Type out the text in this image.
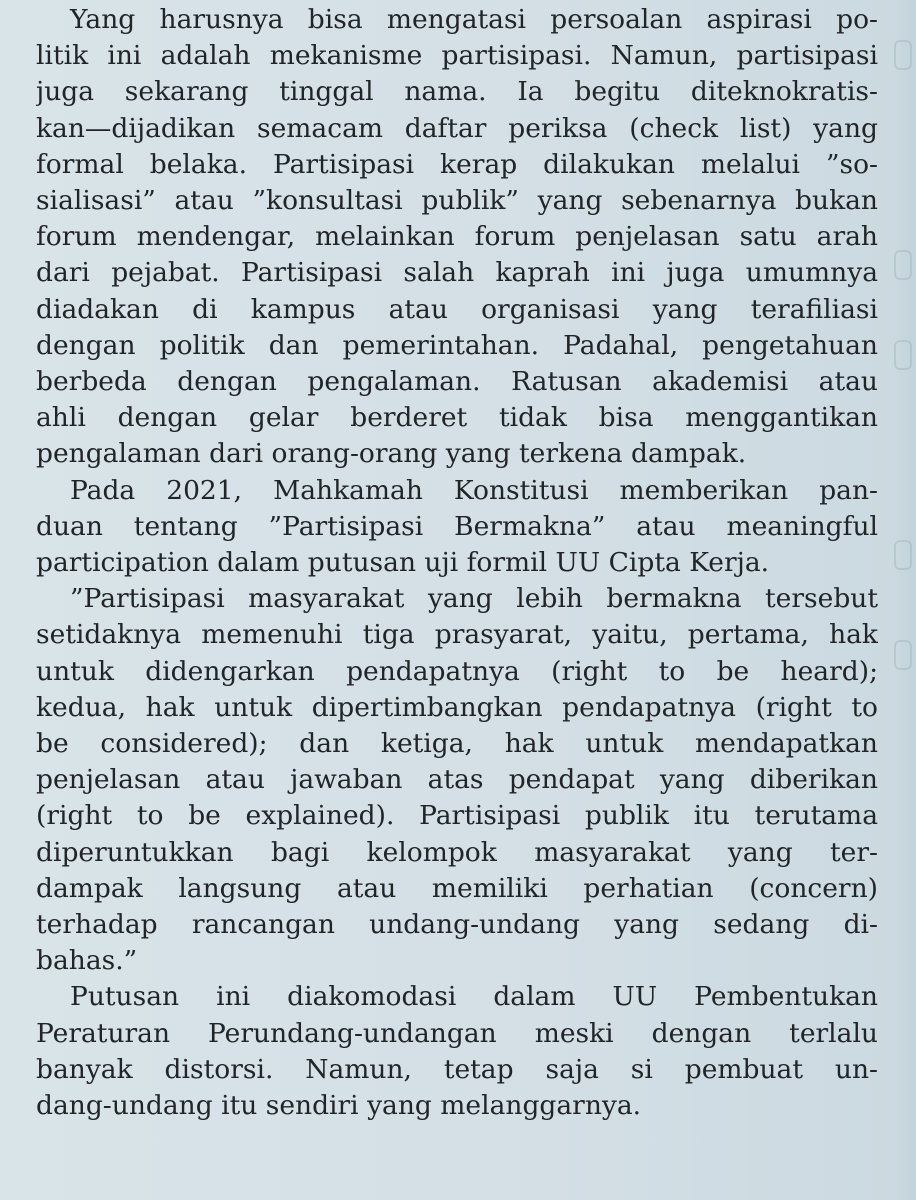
Yang harusnya bisa mengatasi persoalan aspirasi po-
litik ini adalah mekanisme partisipasi. Namun, partisipasi
juga sekarang tinggal nama. Ia begitu diteknokratis-
kan—dijadikan semacam daftar periksa (check list) yang
formal belaka. Partisipasi kerap dilakukan melalui ”so-
sialisasi” atau ”konsultasi publik” yang sebenarnya bukan
forum mendengar, melainkan forum penjelasan satu arah
dari pejabat. Partisipasi salah kaprah ini juga umumnya
diadakan di kampus atau organisasi yang terafiliasi
dengan politik dan pemerintahan. Padahal, pengetahuan
berbeda dengan pengalaman. Ratusan akademisi atau
ahli dengan gelar berderet tidak bisa menggantikan
pengalaman dari orang-orang yang terkena dampak.
Pada 2021, Mahkamah Konstitusi memberikan pan-
duan tentang ”Partisipasi Bermakna” atau meaningful
participation dalam putusan uji formil UU Cipta Kerja.
”Partisipasi masyarakat yang lebih bermakna tersebut
setidaknya memenuhi tiga prasyarat, yaitu, pertama, hak
untuk didengarkan pendapatnya (right to be heard);
kedua, hak untuk dipertimbangkan pendapatnya (right to
be considered); dan ketiga, hak untuk mendapatkan
penjelasan atau jawaban atas pendapat yang diberikan
(right to be explained). Partisipasi publik itu terutama
diperuntukkan bagi kelompok masyarakat yang ter-
dampak langsung atau memiliki perhatian (concern)
terhadap rancangan undang-undang yang sedang di-
bahas.”
Putusan ini diakomodasi dalam UU Pembentukan
Peraturan Perundang-undangan meski dengan terlalu
banyak distorsi. Namun, tetap saja si pembuat un-
dang-undang itu sendiri yang melanggarnya.
